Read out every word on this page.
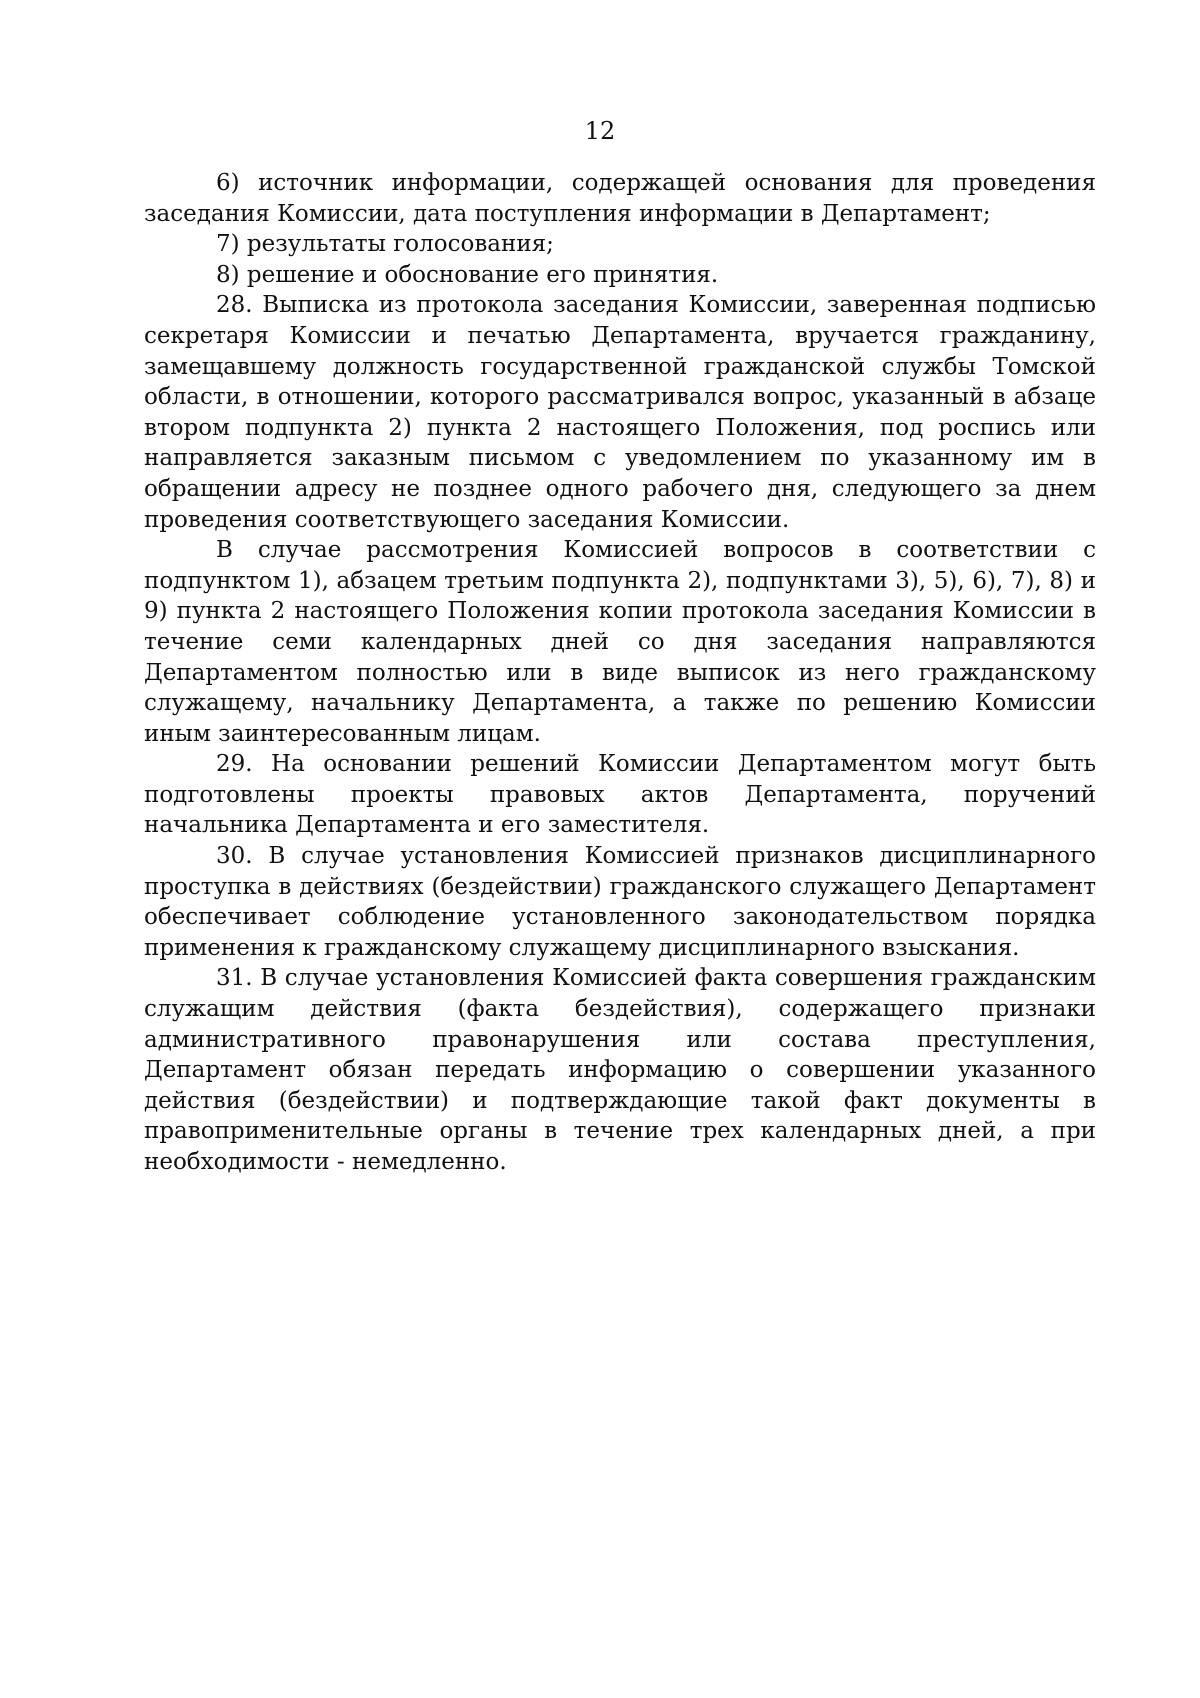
12

6) источник информации, содержащей основания для проведения заседания Комиссии, дата поступления информации в Департамент;

7) результаты голосования;

8) решение и обоснование его принятия.

28. Выписка из протокола заседания Комиссии, заверенная подписью секретаря Комиссии и печатью Департамента, вручается гражданину, замещавшему должность государственной гражданской службы Томской области, в отношении, которого рассматривался вопрос, указанный в абзаце втором подпункта 2) пункта 2 настоящего Положения, под роспись или направляется заказным письмом с уведомлением по указанному им в обращении адресу не позднее одного рабочего дня, следующего за днем проведения соответствующего заседания Комиссии.

В случае рассмотрения Комиссией вопросов в соответствии с подпунктом 1), абзацем третьим подпункта 2), подпунктами 3), 5), 6), 7), 8) и 9) пункта 2 настоящего Положения копии протокола заседания Комиссии в течение семи календарных дней со дня заседания направляются Департаментом полностью или в виде выписок из него гражданскому служащему, начальнику Департамента, а также по решению Комиссии иным заинтересованным лицам.

29. На основании решений Комиссии Департаментом могут быть подготовлены проекты правовых актов Департамента, поручений начальника Департамента и его заместителя.

30. В случае установления Комиссией признаков дисциплинарного проступка в действиях (бездействии) гражданского служащего Департамент обеспечивает соблюдение установленного законодательством порядка применения к гражданскому служащему дисциплинарного взыскания.

31. В случае установления Комиссией факта совершения гражданским служащим действия (факта бездействия), содержащего признаки административного правонарушения или состава преступления, Департамент обязан передать информацию о совершении указанного действия (бездействии) и подтверждающие такой факт документы в правоприменительные органы в течение трех календарных дней, а при необходимости - немедленно.
